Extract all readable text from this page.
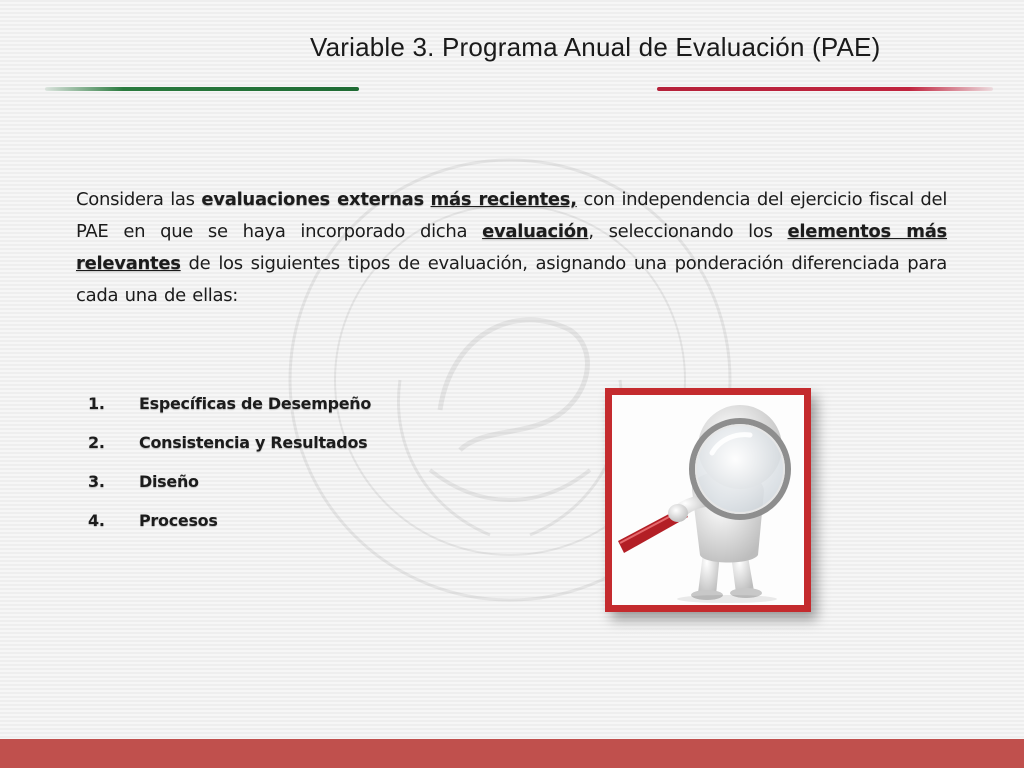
Variable 3. Programa Anual de Evaluación (PAE)

Considera las evaluaciones externas más recientes, con independencia del ejercicio fiscal del PAE en que se haya incorporado dicha evaluación, seleccionando los elementos más relevantes de los siguientes tipos de evaluación, asignando una ponderación diferenciada para cada una de ellas:

1.	Específicas de Desempeño
2.	Consistencia y Resultados
3.	Diseño
4.	Procesos
